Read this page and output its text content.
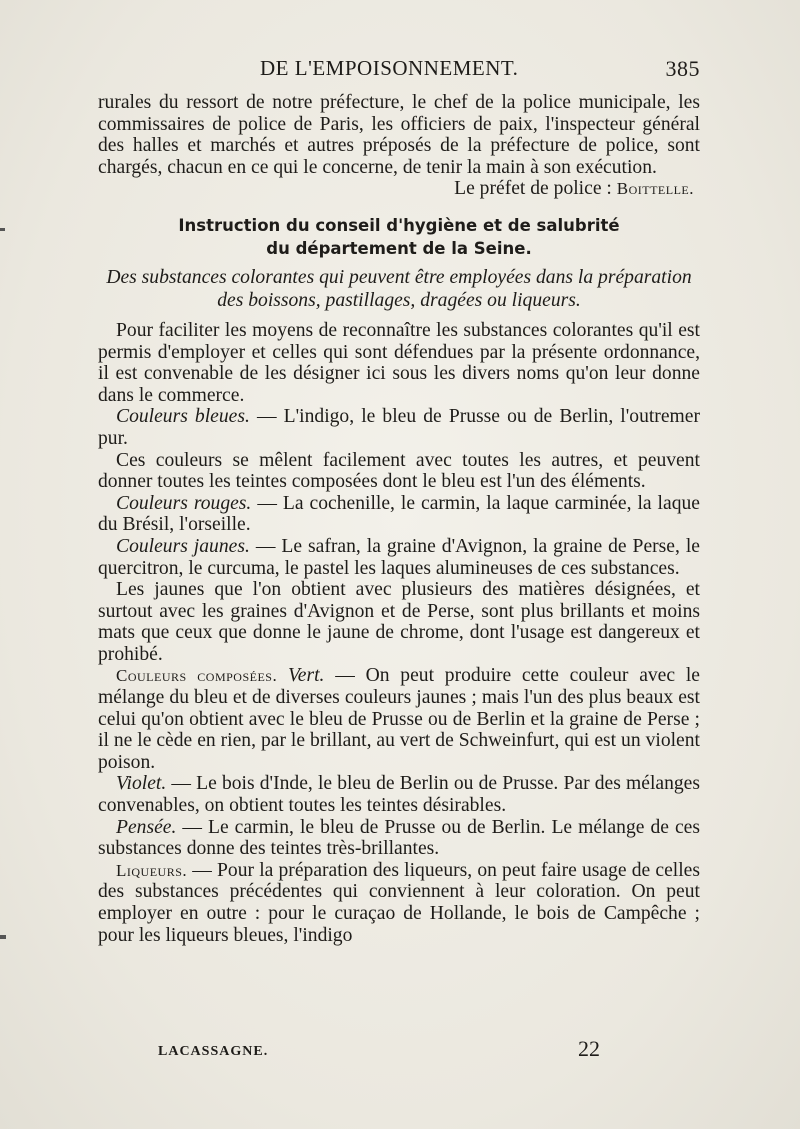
DE L'EMPOISONNEMENT.	385

rurales du ressort de notre préfecture, le chef de la police municipale, les commissaires de police de Paris, les officiers de paix, l'inspecteur général des halles et marchés et autres préposés de la préfecture de police, sont chargés, chacun en ce qui le concerne, de tenir la main à son exécution.

Le préfet de police : Boittelle.

Instruction du conseil d'hygiène et de salubrité

du département de la Seine.

Des substances colorantes qui peuvent être employées dans la préparation des boissons, pastillages, dragées ou liqueurs.

Pour faciliter les moyens de reconnaître les substances colorantes qu'il est permis d'employer et celles qui sont défendues par la présente ordonnance, il est convenable de les désigner ici sous les divers noms qu'on leur donne dans le commerce.

Couleurs bleues. — L'indigo, le bleu de Prusse ou de Berlin, l'outremer pur.

Ces couleurs se mêlent facilement avec toutes les autres, et peuvent donner toutes les teintes composées dont le bleu est l'un des éléments.

Couleurs rouges. — La cochenille, le carmin, la laque carminée, la laque du Brésil, l'orseille.

Couleurs jaunes. — Le safran, la graine d'Avignon, la graine de Perse, le quercitron, le curcuma, le pastel les laques alumineuses de ces substances.

Les jaunes que l'on obtient avec plusieurs des matières désignées, et surtout avec les graines d'Avignon et de Perse, sont plus brillants et moins mats que ceux que donne le jaune de chrome, dont l'usage est dangereux et prohibé.

Couleurs composées. Vert. — On peut produire cette couleur avec le mélange du bleu et de diverses couleurs jaunes ; mais l'un des plus beaux est celui qu'on obtient avec le bleu de Prusse ou de Berlin et la graine de Perse ; il ne le cède en rien, par le brillant, au vert de Schweinfurt, qui est un violent poison.

Violet. — Le bois d'Inde, le bleu de Berlin ou de Prusse. Par des mélanges convenables, on obtient toutes les teintes désirables.

Pensée. — Le carmin, le bleu de Prusse ou de Berlin. Le mélange de ces substances donne des teintes très-brillantes.

Liqueurs. — Pour la préparation des liqueurs, on peut faire usage de celles des substances précédentes qui conviennent à leur coloration. On peut employer en outre : pour le curaçao de Hollande, le bois de Campêche ; pour les liqueurs bleues, l'indigo

LACASSAGNE.	22
